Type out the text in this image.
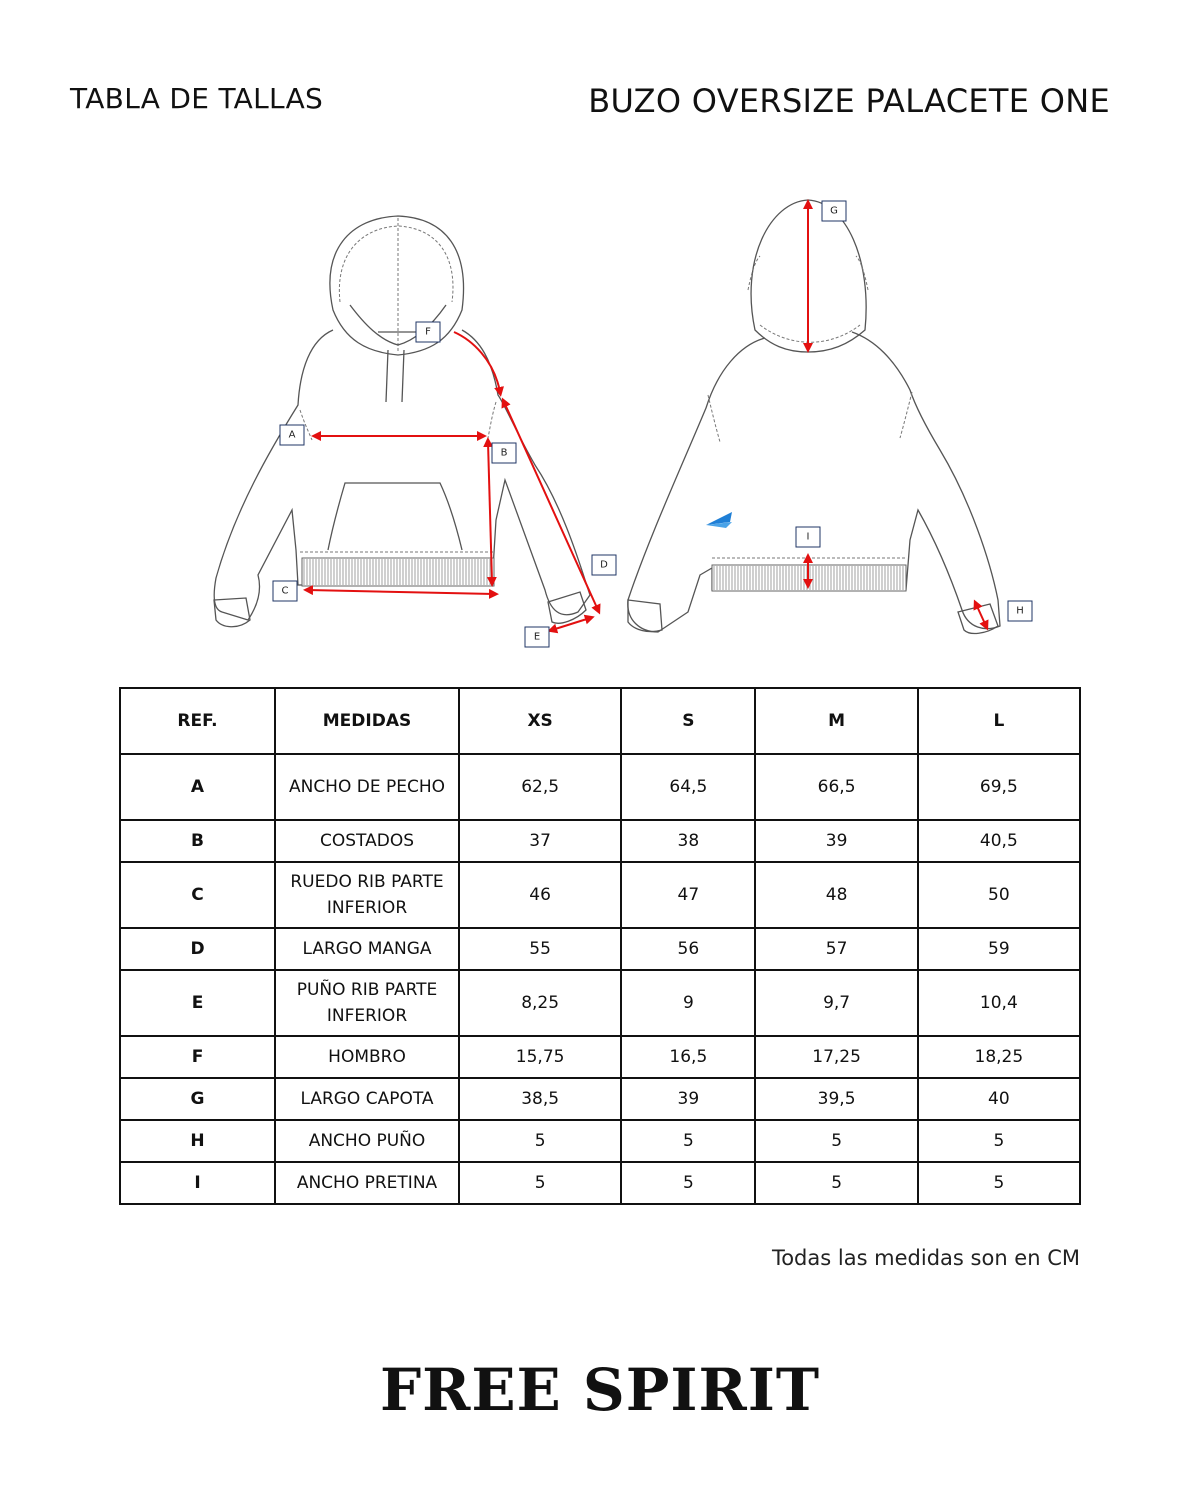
TABLA DE TALLAS	BUZO OVERSIZE PALACETE ONE
A
B
C
D
E
F
G
H
I
REF.	MEDIDAS	XS	S	M	L
A	ANCHO DE PECHO	62,5	64,5	66,5	69,5
B	COSTADOS	37	38	39	40,5
C	RUEDO RIB PARTE INFERIOR	46	47	48	50
D	LARGO MANGA	55	56	57	59
E	PUÑO RIB PARTE INFERIOR	8,25	9	9,7	10,4
F	HOMBRO	15,75	16,5	17,25	18,25
G	LARGO CAPOTA	38,5	39	39,5	40
H	ANCHO PUÑO	5	5	5	5
I	ANCHO PRETINA	5	5	5	5
Todas las medidas son en CM
FREE SPIRIT
